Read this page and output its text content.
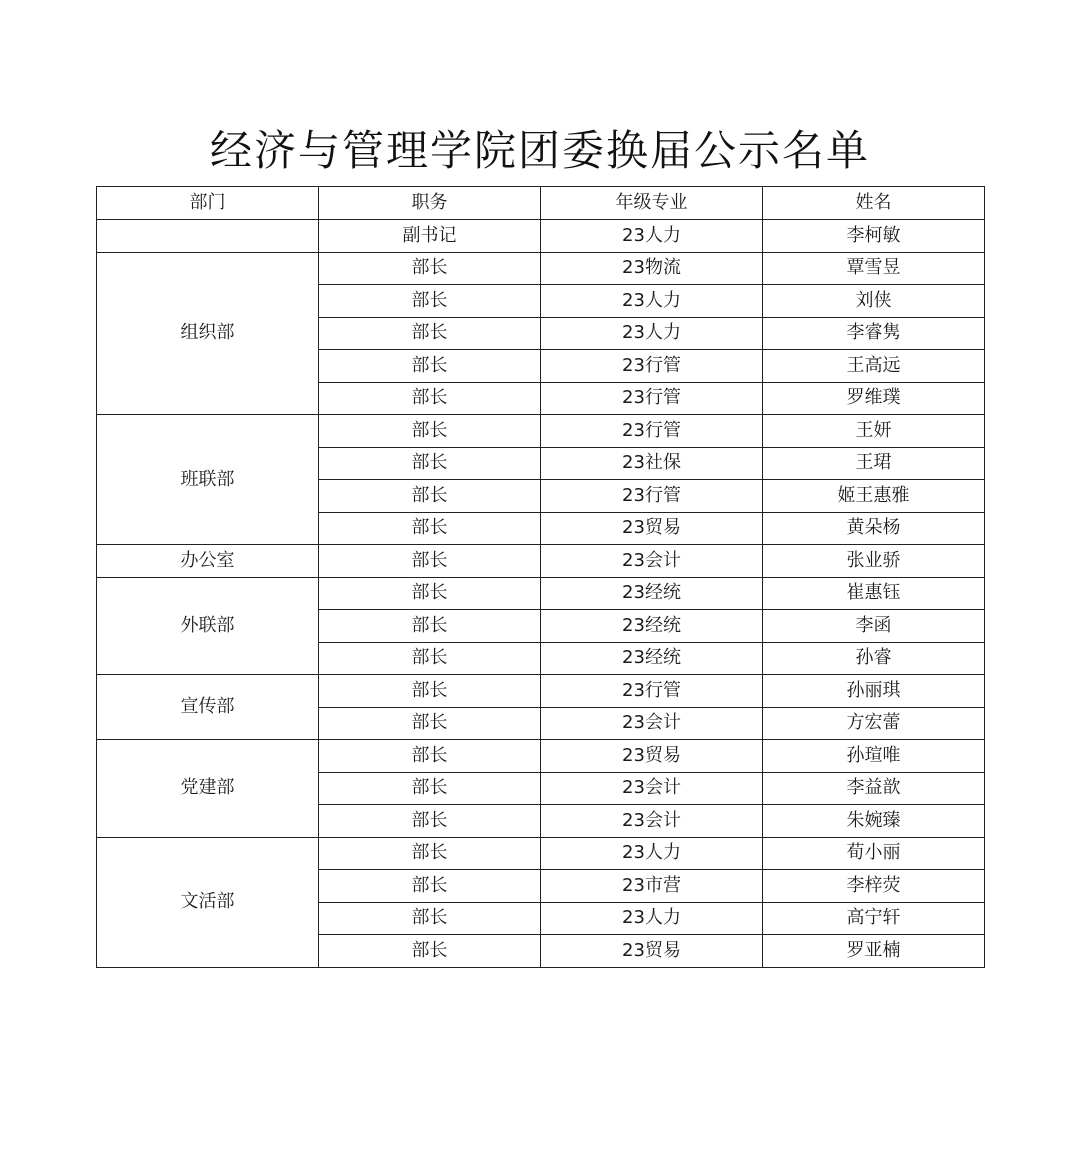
经济与管理学院团委换届公示名单
部门	职务	年级专业	姓名
	副书记	23人力	李柯敏
组织部	部长	23物流	覃雪昱
	部长	23人力	刘侠
	部长	23人力	李睿隽
	部长	23行管	王高远
	部长	23行管	罗维璞
班联部	部长	23行管	王妍
	部长	23社保	王珺
	部长	23行管	姬王惠雅
	部长	23贸易	黄朵杨
办公室	部长	23会计	张业骄
外联部	部长	23经统	崔惠钰
	部长	23经统	李函
	部长	23经统	孙睿
宣传部	部长	23行管	孙丽琪
	部长	23会计	方宏蕾
党建部	部长	23贸易	孙瑄唯
	部长	23会计	李益歆
	部长	23会计	朱婉臻
文活部	部长	23人力	荀小丽
	部长	23市营	李梓荧
	部长	23人力	高宁轩
	部长	23贸易	罗亚楠
